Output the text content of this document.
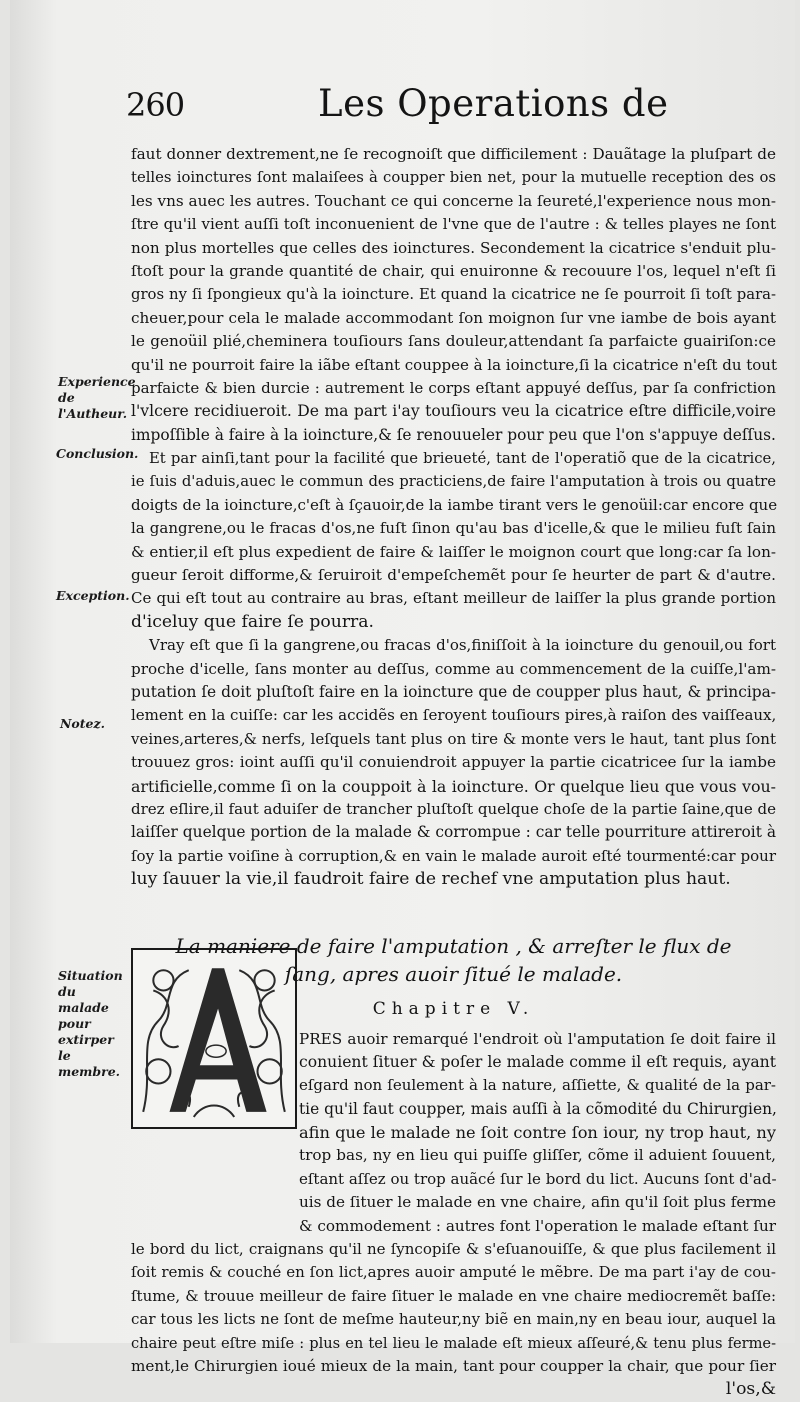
260	Les Operations de
Experience de l'Autheur.
Conclusion.
Exception.
Notez.
Situation du malade pour extirper le membre.
faut donner dextrement,ne ſe recognoiſt que difficilement : Dauãtage la pluſpart de
telles ioinctures ſont malaiſees à coupper bien net, pour la mutuelle reception des os
les vns auec les autres. Touchant ce qui concerne la ſeureté,l'experience nous mon-
ſtre qu'il vient auſſi toſt inconuenient de l'vne que de l'autre : & telles playes ne ſont
non plus mortelles que celles des ioinctures. Secondement la cicatrice s'enduit plu-
ſtoſt pour la grande quantité de chair, qui enuironne & recouure l'os, lequel n'eſt ſi
gros ny ſi ſpongieux qu'à la ioincture. Et quand la cicatrice ne ſe pourroit ſi toſt para-
cheuer,pour cela le malade accommodant ſon moignon ſur vne iambe de bois ayant
le genoüil plié,cheminera touſiours ſans douleur,attendant ſa parfaicte guairiſon:ce
qu'il ne pourroit faire la iãbe eſtant couppee à la ioincture,ſi la cicatrice n'eſt du tout
parfaicte & bien durcie : autrement le corps eſtant appuyé deſſus, par ſa confriction
l'vlcere recidiueroit. De ma part i'ay touſiours veu la cicatrice eſtre difficile,voire
impoſſible à faire à la ioincture,& ſe renouueler pour peu que l'on s'appuye deſſus.
Et par ainſi,tant pour la facilité que brieueté, tant de l'operatiõ que de la cicatrice,
ie ſuis d'aduis,auec le commun des practiciens,de faire l'amputation à trois ou quatre
doigts de la ioincture,c'eſt à ſçauoir,de la iambe tirant vers le genoüil:car encore que
la gangrene,ou le fracas d'os,ne fuſt ſinon qu'au bas d'icelle,& que le milieu fuſt ſain
& entier,il eſt plus expedient de faire & laiſſer le moignon court que long:car ſa lon-
gueur ſeroit difforme,& ſeruiroit d'empeſchemẽt pour ſe heurter de part & d'autre.
Ce qui eſt tout au contraire au bras, eſtant meilleur de laiſſer la plus grande portion
d'iceluy que faire ſe pourra.
Vray eſt que ſi la gangrene,ou fracas d'os,finiſſoit à la ioincture du genouil,ou fort
proche d'icelle, ſans monter au deſſus, comme au commencement de la cuiſſe,l'am-
putation ſe doit pluſtoſt faire en la ioincture que de coupper plus haut, & principa-
lement en la cuiſſe: car les accidẽs en ſeroyent touſiours pires,à raiſon des vaiſſeaux,
veines,arteres,& nerfs, leſquels tant plus on tire & monte vers le haut, tant plus ſont
trouuez gros: ioint auſſi qu'il conuiendroit appuyer la partie cicatricee ſur la iambe
artificielle,comme ſi on la couppoit à la ioincture. Or quelque lieu que vous vou-
drez eſlire,il faut aduiſer de trancher pluſtoſt quelque choſe de la partie ſaine,que de
laiſſer quelque portion de la malade & corrompue : car telle pourriture attireroit à
ſoy la partie voiſine à corruption,& en vain le malade auroit eſté tourmenté:car pour
luy ſauuer la vie,il faudroit faire de rechef vne amputation plus haut.
La maniere de faire l'amputation , & arreſter le flux de
ſang, apres auoir ſitué le malade.
Chapitre V.
PRES auoir remarqué l'endroit où l'amputation ſe doit faire il
conuient ſituer & poſer le malade comme il eſt requis, ayant
eſgard non ſeulement à la nature, aſſiette, & qualité de la par-
tie qu'il faut coupper, mais auſſi à la cõmodité du Chirurgien,
afin que le malade ne ſoit contre ſon iour, ny trop haut, ny
trop bas, ny en lieu qui puiſſe gliſſer, cõme il aduient ſouuent,
eſtant aſſez ou trop auãcé ſur le bord du lict. Aucuns ſont d'ad-
uis de ſituer le malade en vne chaire, afin qu'il ſoit plus ferme
& commodement : autres font l'operation le malade eſtant ſur
le bord du lict, craignans qu'il ne ſyncopiſe & s'eſuanouiſſe, & que plus facilement il
ſoit remis & couché en ſon lict,apres auoir amputé le mẽbre. De ma part i'ay de cou-
ſtume, & trouue meilleur de faire ſituer le malade en vne chaire mediocremẽt baſſe:
car tous les licts ne ſont de meſme hauteur,ny biẽ en main,ny en beau iour, auquel la
chaire peut eſtre miſe : plus en tel lieu le malade eſt mieux aſſeuré,& tenu plus ferme-
ment,le Chirurgien ioué mieux de la main, tant pour coupper la chair, que pour ſier
l'os,&
